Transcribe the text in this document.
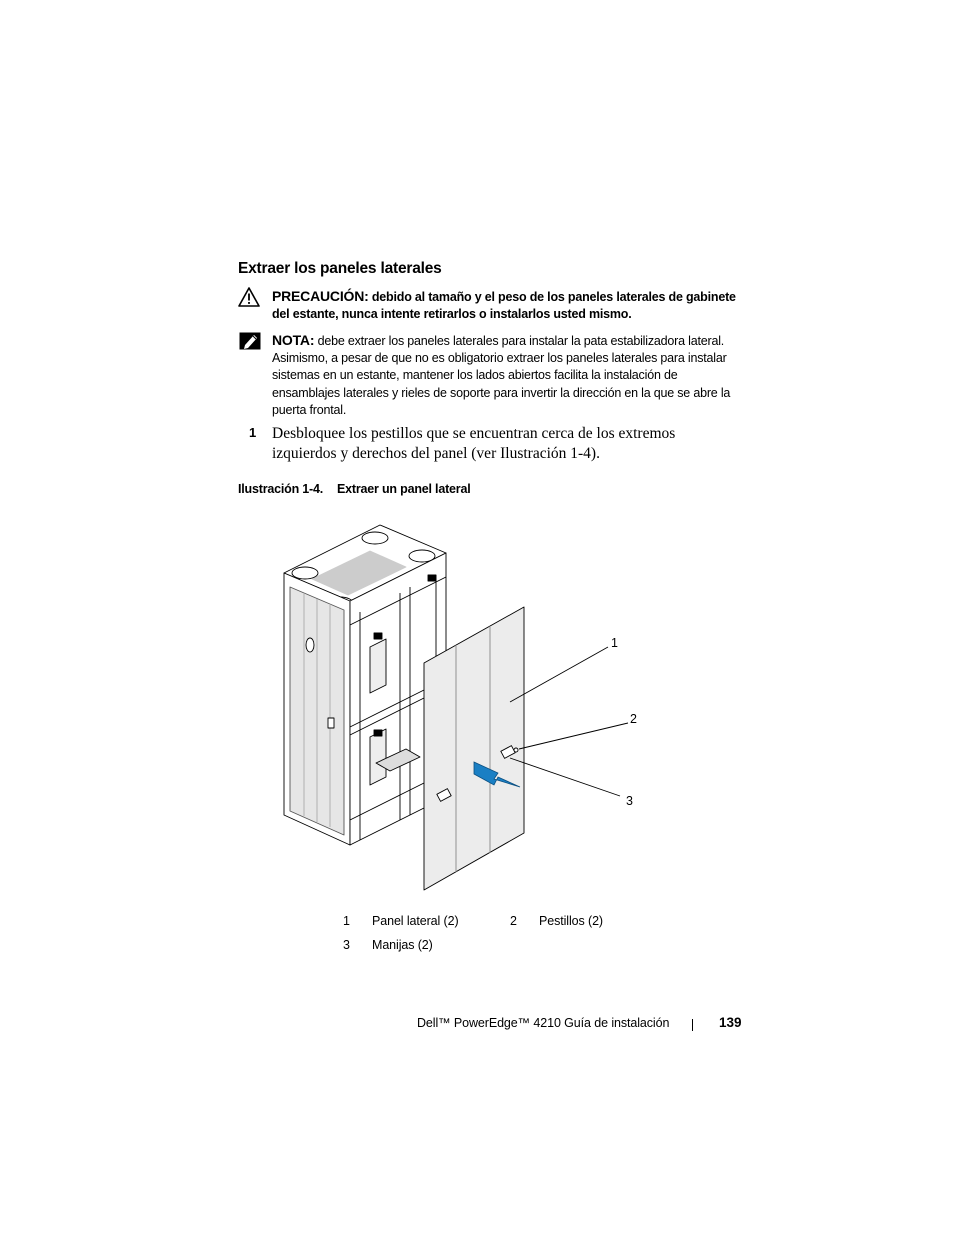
Extraer los paneles laterales
PRECAUCIÓN: debido al tamaño y el peso de los paneles laterales de gabinete del estante, nunca intente retirarlos o instalarlos usted mismo.
NOTA: debe extraer los paneles laterales para instalar la pata estabilizadora lateral. Asimismo, a pesar de que no es obligatorio extraer los paneles laterales para instalar sistemas en un estante, mantener los lados abiertos facilita la instalación de ensamblajes laterales y rieles de soporte para invertir la dirección en la que se abre la puerta frontal.
1 Desbloquee los pestillos que se encuentran cerca de los extremos izquierdos y derechos del panel (ver Ilustración 1-4).
Ilustración 1-4. Extraer un panel lateral
1
2
3
1 Panel lateral (2)	2 Pestillos (2)
3 Manijas (2)
Dell™ PowerEdge™ 4210 Guía de instalación	139
